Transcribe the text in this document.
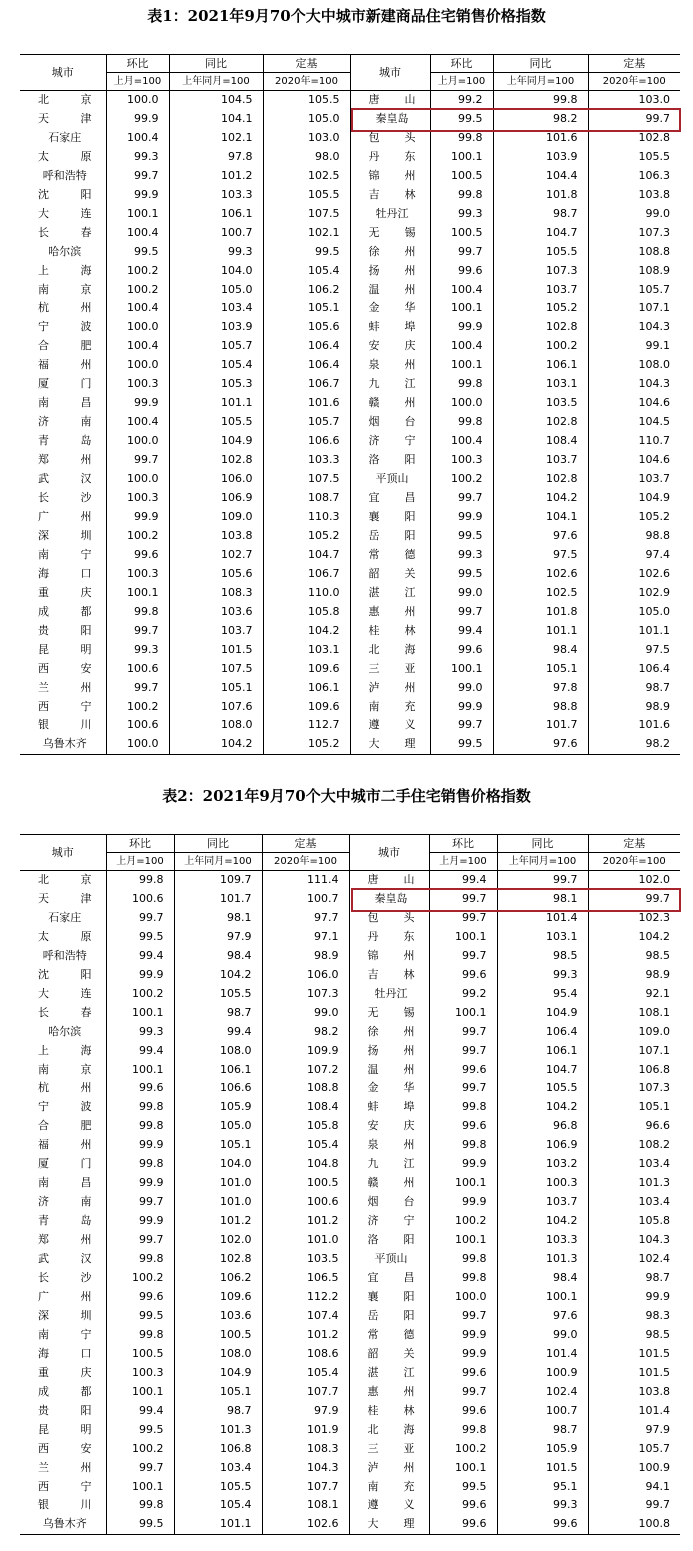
表1：2021年9月70个大中城市新建商品住宅销售价格指数
城市	环比	同比	定基	城市	环比	同比	定基
	上月=100	上年同月=100	2020年=100		上月=100	上年同月=100	2020年=100

北　　京	100.0	104.5	105.5	唐　　山	99.2	99.8	103.0

天　　津	99.9	104.1	105.0	秦皇岛	99.5	98.2	99.7

石家庄	100.4	102.1	103.0	包　　头	99.8	101.6	102.8

太　　原	99.3	97.8	98.0	丹　　东	100.1	103.9	105.5

呼和浩特	99.7	101.2	102.5	锦　　州	100.5	104.4	106.3

沈　　阳	99.9	103.3	105.5	吉　　林	99.8	101.8	103.8

大　　连	100.1	106.1	107.5	牡丹江	99.3	98.7	99.0

长　　春	100.4	100.7	102.1	无　　锡	100.5	104.7	107.3

哈尔滨	99.5	99.3	99.5	徐　　州	99.7	105.5	108.8

上　　海	100.2	104.0	105.4	扬　　州	99.6	107.3	108.9

南　　京	100.2	105.0	106.2	温　　州	100.4	103.7	105.7

杭　　州	100.4	103.4	105.1	金　　华	100.1	105.2	107.1

宁　　波	100.0	103.9	105.6	蚌　　埠	99.9	102.8	104.3

合　　肥	100.4	105.7	106.4	安　　庆	100.4	100.2	99.1

福　　州	100.0	105.4	106.4	泉　　州	100.1	106.1	108.0

厦　　门	100.3	105.3	106.7	九　　江	99.8	103.1	104.3

南　　昌	99.9	101.1	101.6	赣　　州	100.0	103.5	104.6

济　　南	100.4	105.5	105.7	烟　　台	99.8	102.8	104.5

青　　岛	100.0	104.9	106.6	济　　宁	100.4	108.4	110.7

郑　　州	99.7	102.8	103.3	洛　　阳	100.3	103.7	104.6

武　　汉	100.0	106.0	107.5	平顶山	100.2	102.8	103.7

长　　沙	100.3	106.9	108.7	宜　　昌	99.7	104.2	104.9

广　　州	99.9	109.0	110.3	襄　　阳	99.9	104.1	105.2

深　　圳	100.2	103.8	105.2	岳　　阳	99.5	97.6	98.8

南　　宁	99.6	102.7	104.7	常　　德	99.3	97.5	97.4

海　　口	100.3	105.6	106.7	韶　　关	99.5	102.6	102.6

重　　庆	100.1	108.3	110.0	湛　　江	99.0	102.5	102.9

成　　都	99.8	103.6	105.8	惠　　州	99.7	101.8	105.0

贵　　阳	99.7	103.7	104.2	桂　　林	99.4	101.1	101.1

昆　　明	99.3	101.5	103.1	北　　海	99.6	98.4	97.5

西　　安	100.6	107.5	109.6	三　　亚	100.1	105.1	106.4

兰　　州	99.7	105.1	106.1	泸　　州	99.0	97.8	98.7

西　　宁	100.2	107.6	109.6	南　　充	99.9	98.8	98.9

银　　川	100.6	108.0	112.7	遵　　义	99.7	101.7	101.6

乌鲁木齐	100.0	104.2	105.2	大　　理	99.5	97.6	98.2
表2：2021年9月70个大中城市二手住宅销售价格指数
城市	环比	同比	定基	城市	环比	同比	定基
	上月=100	上年同月=100	2020年=100		上月=100	上年同月=100	2020年=100

北　　京	99.8	109.7	111.4	唐　　山	99.4	99.7	102.0

天　　津	100.6	101.7	100.7	秦皇岛	99.7	98.1	99.7

石家庄	99.7	98.1	97.7	包　　头	99.7	101.4	102.3

太　　原	99.5	97.9	97.1	丹　　东	100.1	103.1	104.2

呼和浩特	99.4	98.4	98.9	锦　　州	99.7	98.5	98.5

沈　　阳	99.9	104.2	106.0	吉　　林	99.6	99.3	98.9

大　　连	100.2	105.5	107.3	牡丹江	99.2	95.4	92.1

长　　春	100.1	98.7	99.0	无　　锡	100.1	104.9	108.1

哈尔滨	99.3	99.4	98.2	徐　　州	99.7	106.4	109.0

上　　海	99.4	108.0	109.9	扬　　州	99.7	106.1	107.1

南　　京	100.1	106.1	107.2	温　　州	99.6	104.7	106.8

杭　　州	99.6	106.6	108.8	金　　华	99.7	105.5	107.3

宁　　波	99.8	105.9	108.4	蚌　　埠	99.8	104.2	105.1

合　　肥	99.8	105.0	105.8	安　　庆	99.6	96.8	96.6

福　　州	99.9	105.1	105.4	泉　　州	99.8	106.9	108.2

厦　　门	99.8	104.0	104.8	九　　江	99.9	103.2	103.4

南　　昌	99.9	101.0	100.5	赣　　州	100.1	100.3	101.3

济　　南	99.7	101.0	100.6	烟　　台	99.9	103.7	103.4

青　　岛	99.9	101.2	101.2	济　　宁	100.2	104.2	105.8

郑　　州	99.7	102.0	101.0	洛　　阳	100.1	103.3	104.3

武　　汉	99.8	102.8	103.5	平顶山	99.8	101.3	102.4

长　　沙	100.2	106.2	106.5	宜　　昌	99.8	98.4	98.7

广　　州	99.6	109.6	112.2	襄　　阳	100.0	100.1	99.9

深　　圳	99.5	103.6	107.4	岳　　阳	99.7	97.6	98.3

南　　宁	99.8	100.5	101.2	常　　德	99.9	99.0	98.5

海　　口	100.5	108.0	108.6	韶　　关	99.9	101.4	101.5

重　　庆	100.3	104.9	105.4	湛　　江	99.6	100.9	101.5

成　　都	100.1	105.1	107.7	惠　　州	99.7	102.4	103.8

贵　　阳	99.4	98.7	97.9	桂　　林	99.6	100.7	101.4

昆　　明	99.5	101.3	101.9	北　　海	99.8	98.7	97.9

西　　安	100.2	106.8	108.3	三　　亚	100.2	105.9	105.7

兰　　州	99.7	103.4	104.3	泸　　州	100.1	101.5	100.9

西　　宁	100.1	105.5	107.7	南　　充	99.5	95.1	94.1

银　　川	99.8	105.4	108.1	遵　　义	99.6	99.3	99.7

乌鲁木齐	99.5	101.1	102.6	大　　理	99.6	99.6	100.8
